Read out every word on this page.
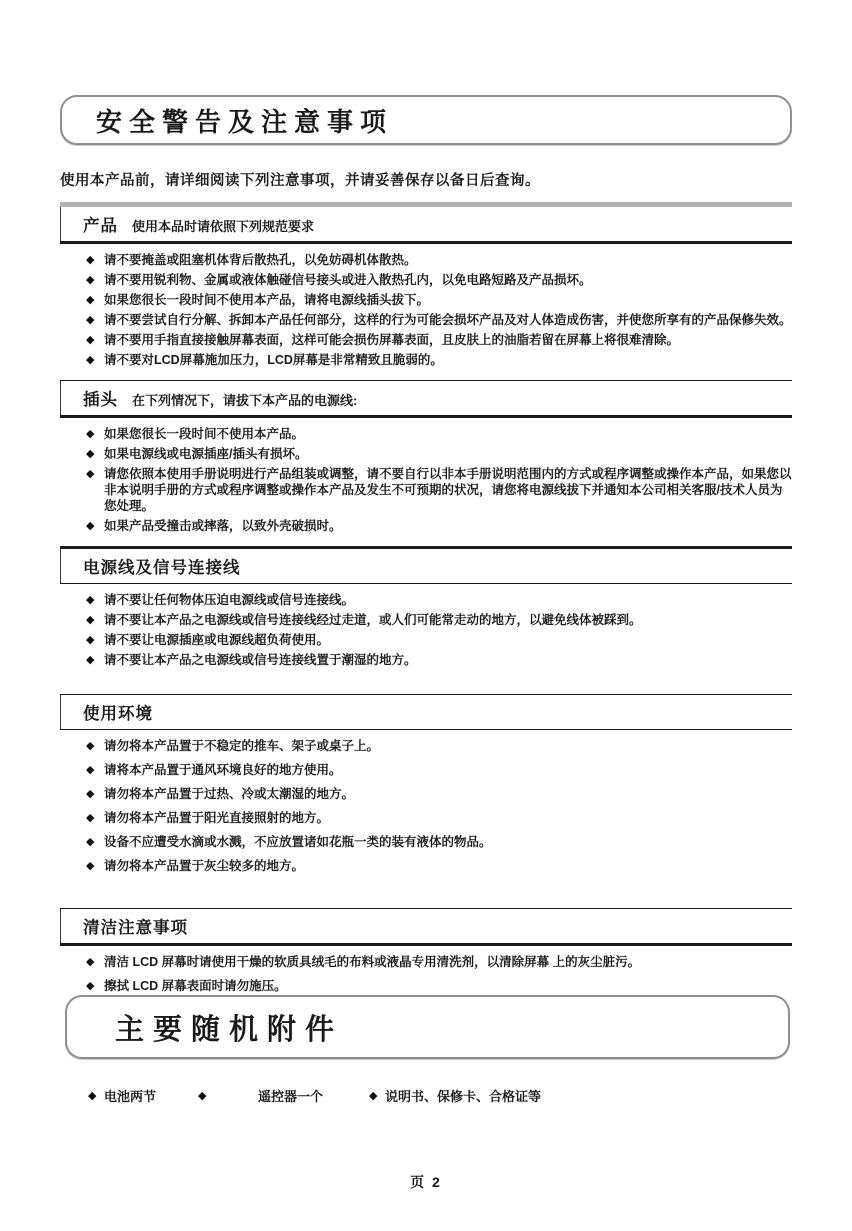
安全警告及注意事项
使用本产品前，请详细阅读下列注意事项，并请妥善保存以备日后查询。
产品 使用本品时请依照下列规范要求
◆ 请不要掩盖或阻塞机体背后散热孔，以免妨碍机体散热。
◆ 请不要用锐利物、金属或液体触碰信号接头或进入散热孔内，以免电路短路及产品损坏。
◆ 如果您很长一段时间不使用本产品，请将电源线插头拔下。
◆ 请不要尝试自行分解、拆卸本产品任何部分，这样的行为可能会损坏产品及对人体造成伤害，并使您所享有的产品保修失效。
◆ 请不要用手指直接接触屏幕表面，这样可能会损伤屏幕表面，且皮肤上的油脂若留在屏幕上将很难清除。
◆ 请不要对LCD屏幕施加压力，LCD屏幕是非常精致且脆弱的。
插头 在下列情况下，请拔下本产品的电源线:
◆ 如果您很长一段时间不使用本产品。
◆ 如果电源线或电源插座/插头有损坏。
◆ 请您依照本使用手册说明进行产品组装或调整，请不要自行以非本手册说明范围内的方式或程序调整或操作本产品，如果您以非本说明手册的方式或程序调整或操作本产品及发生不可预期的状况，请您将电源线拔下并通知本公司相关客服/技术人员为您处理。
◆ 如果产品受撞击或摔落，以致外壳破损时。
电源线及信号连接线
◆ 请不要让任何物体压迫电源线或信号连接线。
◆ 请不要让本产品之电源线或信号连接线经过走道，或人们可能常走动的地方，以避免线体被踩到。
◆ 请不要让电源插座或电源线超负荷使用。
◆ 请不要让本产品之电源线或信号连接线置于潮湿的地方。
使用环境
◆ 请勿将本产品置于不稳定的推车、架子或桌子上。
◆ 请将本产品置于通风环境良好的地方使用。
◆ 请勿将本产品置于过热、冷或太潮湿的地方。
◆ 请勿将本产品置于阳光直接照射的地方。
◆ 设备不应遭受水滴或水溅，不应放置诸如花瓶一类的装有液体的物品。
◆ 请勿将本产品置于灰尘较多的地方。
清洁注意事项
◆ 清洁 LCD 屏幕时请使用干燥的软质具绒毛的布料或液晶专用清洗剂，以清除屏幕 上的灰尘脏污。
◆ 擦拭 LCD 屏幕表面时请勿施压。
主要随机附件
◆ 电池两节	◆	遥控器一个	◆ 说明书、保修卡、合格证等
页 2
